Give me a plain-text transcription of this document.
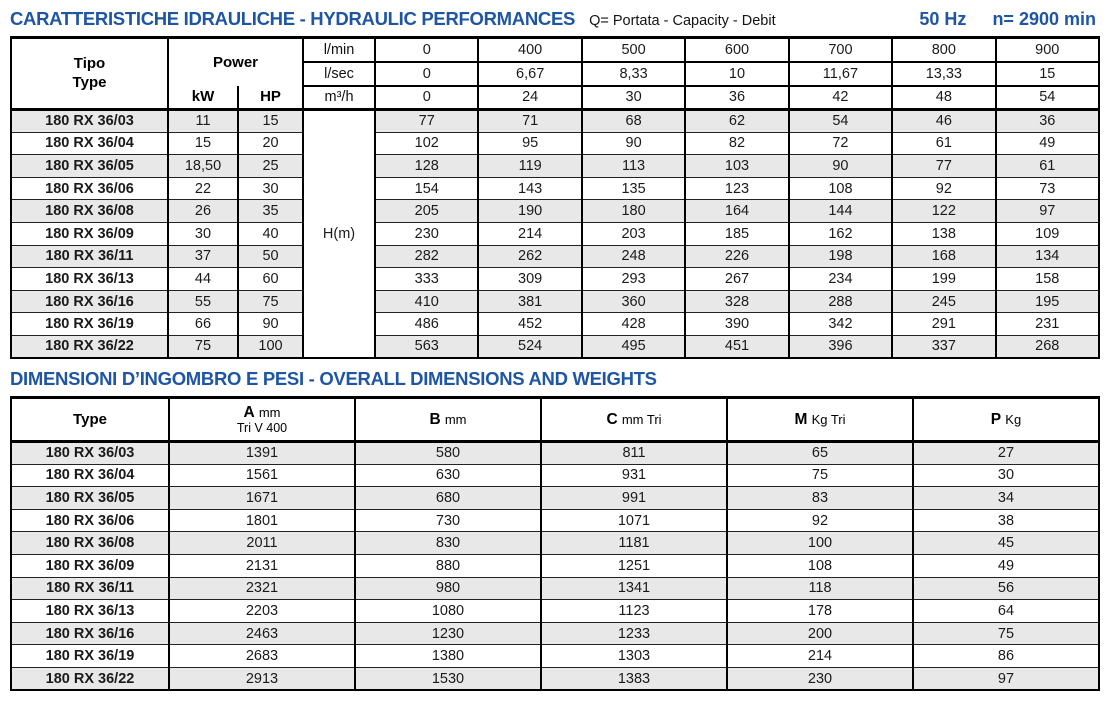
CARATTERISTICHE IDRAULICHE - HYDRAULIC PERFORMANCES Q= Portata - Capacity - Debit	50 Hz n= 2900 min
Tipo
Type	Power		l/min	0	400	500	600	700	800	900
			l/sec	0	6,67	8,33	10	11,67	13,33	15
	kW	HP	m³/h	0	24	30	36	42	48	54
180 RX 36/03	11	15	H(m)	77	71	68	62	54	46	36
180 RX 36/04	15	20		102	95	90	82	72	61	49
180 RX 36/05	18,50	25		128	119	113	103	90	77	61
180 RX 36/06	22	30		154	143	135	123	108	92	73
180 RX 36/08	26	35		205	190	180	164	144	122	97
180 RX 36/09	30	40		230	214	203	185	162	138	109
180 RX 36/11	37	50		282	262	248	226	198	168	134
180 RX 36/13	44	60		333	309	293	267	234	199	158
180 RX 36/16	55	75		410	381	360	328	288	245	195
180 RX 36/19	66	90		486	452	428	390	342	291	231
180 RX 36/22	75	100		563	524	495	451	396	337	268
DIMENSIONI D’INGOMBRO E PESI - OVERALL DIMENSIONS AND WEIGHTS
Type	A mm
Tri V 400	B mm	C mm Tri	M Kg Tri	P Kg

180 RX 36/03	1391	580	811	65	27
180 RX 36/04	1561	630	931	75	30
180 RX 36/05	1671	680	991	83	34
180 RX 36/06	1801	730	1071	92	38
180 RX 36/08	2011	830	1181	100	45
180 RX 36/09	2131	880	1251	108	49
180 RX 36/11	2321	980	1341	118	56
180 RX 36/13	2203	1080	1123	178	64
180 RX 36/16	2463	1230	1233	200	75
180 RX 36/19	2683	1380	1303	214	86
180 RX 36/22	2913	1530	1383	230	97
